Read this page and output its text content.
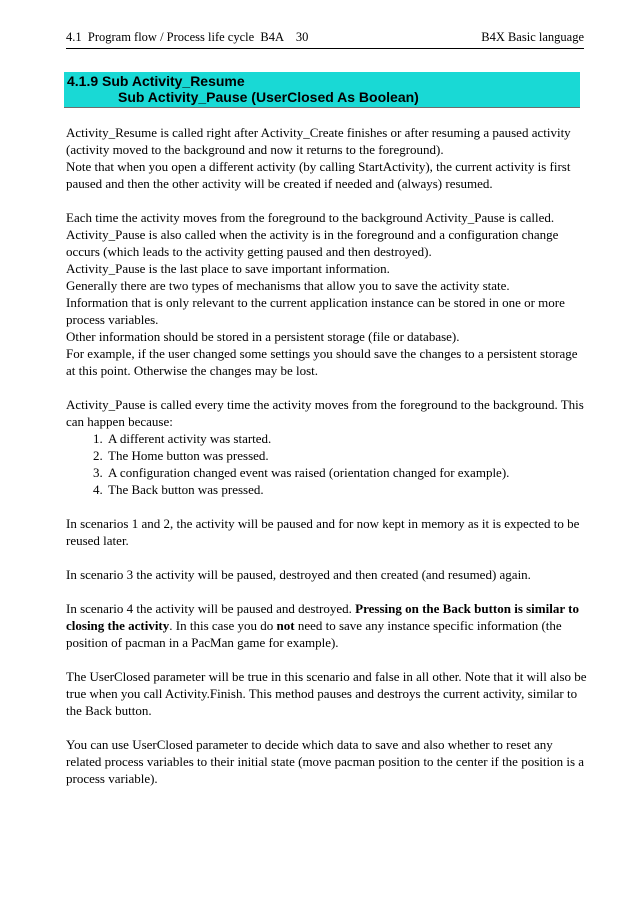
4.1  Program flow / Process life cycle  B4A    30	B4X Basic language
4.1.9 Sub Activity_Resume
Sub Activity_Pause (UserClosed As Boolean)

Activity_Resume is called right after Activity_Create finishes or after resuming a paused activity (activity moved to the background and now it returns to the foreground).
Note that when you open a different activity (by calling StartActivity), the current activity is first paused and then the other activity will be created if needed and (always) resumed.

Each time the activity moves from the foreground to the background Activity_Pause is called.
Activity_Pause is also called when the activity is in the foreground and a configuration change occurs (which leads to the activity getting paused and then destroyed).
Activity_Pause is the last place to save important information.
Generally there are two types of mechanisms that allow you to save the activity state.
Information that is only relevant to the current application instance can be stored in one or more process variables.
Other information should be stored in a persistent storage (file or database).
For example, if the user changed some settings you should save the changes to a persistent storage at this point. Otherwise the changes may be lost.

Activity_Pause is called every time the activity moves from the foreground to the background. This can happen because:

1. A different activity was started.
2. The Home button was pressed.
3. A configuration changed event was raised (orientation changed for example).
4. The Back button was pressed.

In scenarios 1 and 2, the activity will be paused and for now kept in memory as it is expected to be reused later.

In scenario 3 the activity will be paused, destroyed and then created (and resumed) again.

In scenario 4 the activity will be paused and destroyed. Pressing on the Back button is similar to closing the activity. In this case you do not need to save any instance specific information (the position of pacman in a PacMan game for example).

The UserClosed parameter will be true in this scenario and false in all other. Note that it will also be true when you call Activity.Finish. This method pauses and destroys the current activity, similar to the Back button.

You can use UserClosed parameter to decide which data to save and also whether to reset any related process variables to their initial state (move pacman position to the center if the position is a process variable).
